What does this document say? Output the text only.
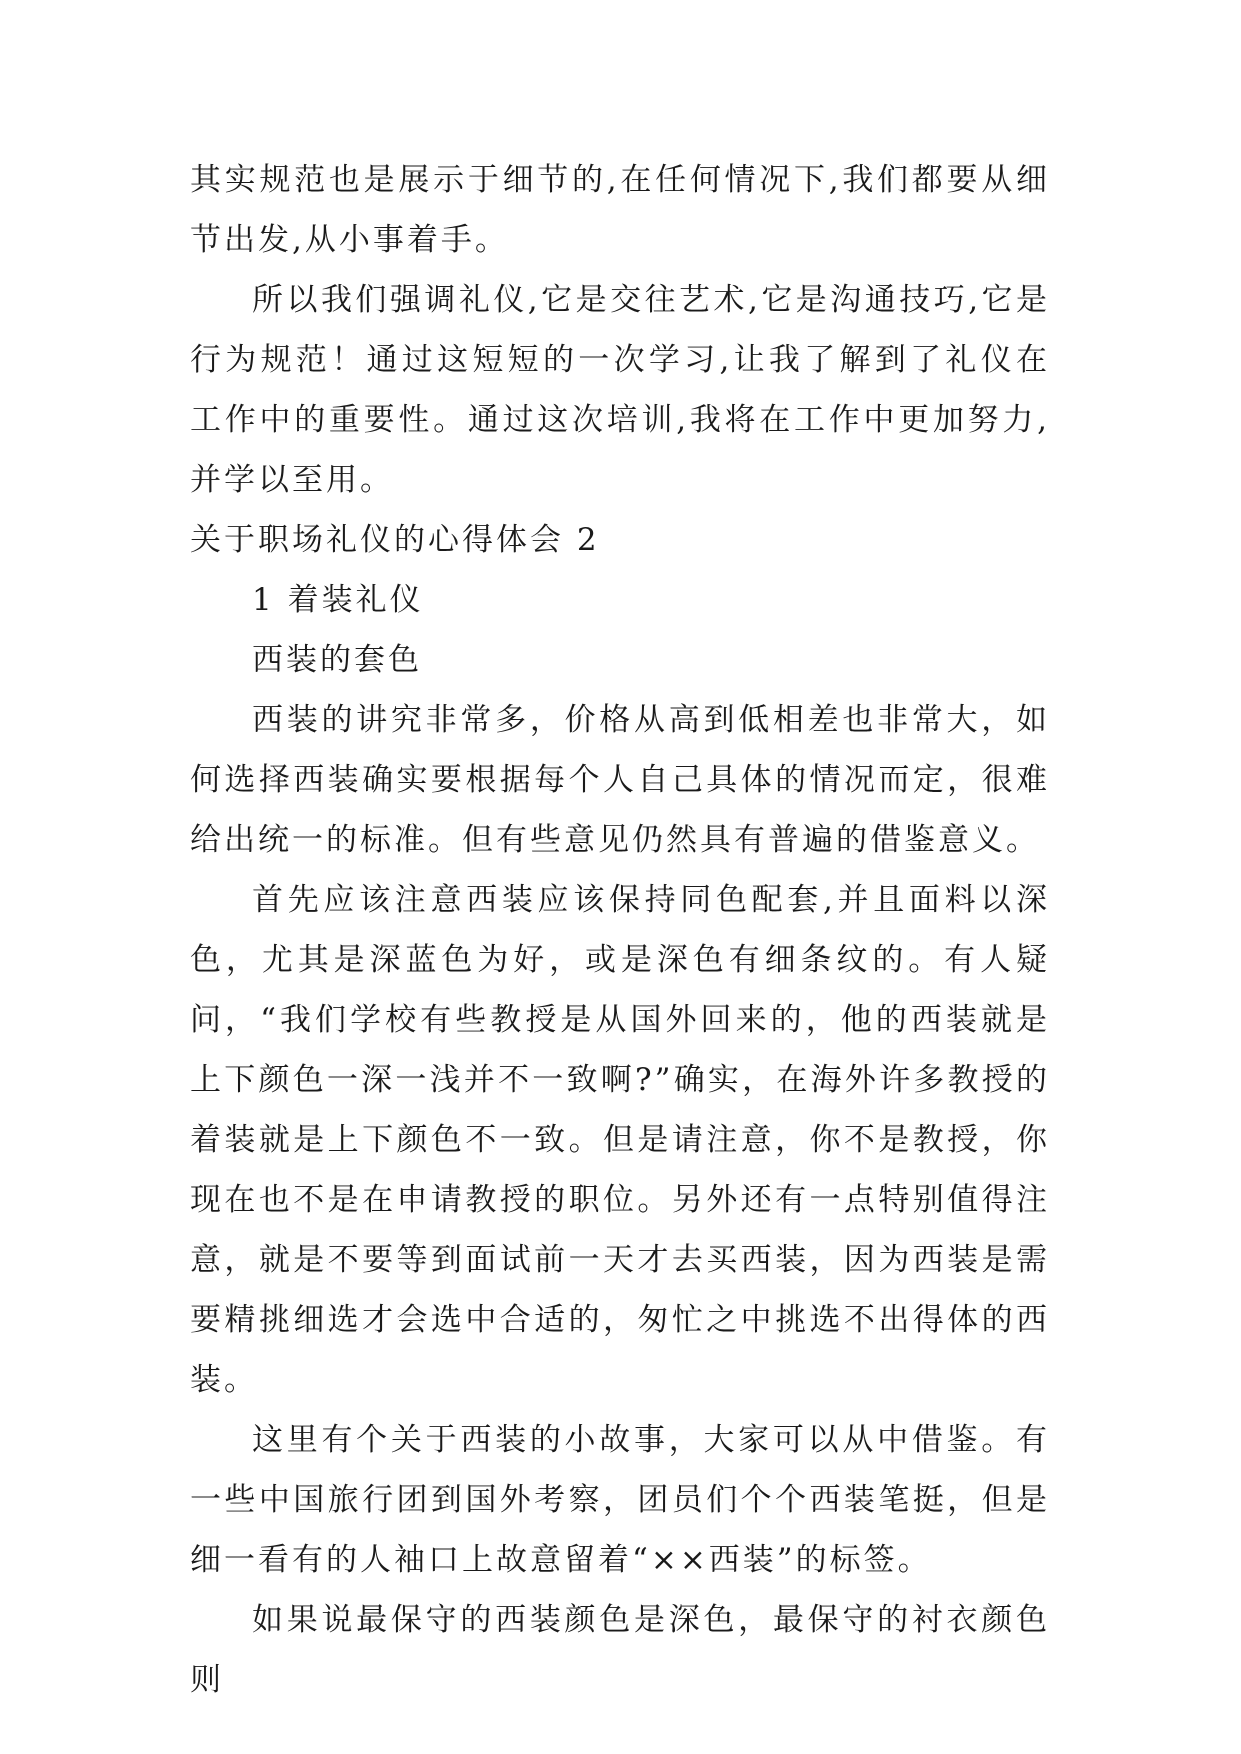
其实规范也是展示于细节的,在任何情况下,我们都要从细节出发,从小事着手。

所以我们强调礼仪,它是交往艺术,它是沟通技巧,它是行为规范！通过这短短的一次学习,让我了解到了礼仪在工作中的重要性。通过这次培训,我将在工作中更加努力,并学以至用。

关于职场礼仪的心得体会 2

1 着装礼仪

西装的套色

西装的讲究非常多，价格从高到低相差也非常大，如何选择西装确实要根据每个人自己具体的情况而定，很难给出统一的标准。但有些意见仍然具有普遍的借鉴意义。

首先应该注意西装应该保持同色配套,并且面料以深色，尤其是深蓝色为好，或是深色有细条纹的。有人疑问，“我们学校有些教授是从国外回来的，他的西装就是上下颜色一深一浅并不一致啊?”确实，在海外许多教授的着装就是上下颜色不一致。但是请注意，你不是教授，你现在也不是在申请教授的职位。另外还有一点特别值得注意，就是不要等到面试前一天才去买西装，因为西装是需要精挑细选才会选中合适的，匆忙之中挑选不出得体的西装。

这里有个关于西装的小故事，大家可以从中借鉴。有一些中国旅行团到国外考察，团员们个个西装笔挺，但是细一看有的人袖口上故意留着“××西装”的标签。

如果说最保守的西装颜色是深色，最保守的衬衣颜色则
